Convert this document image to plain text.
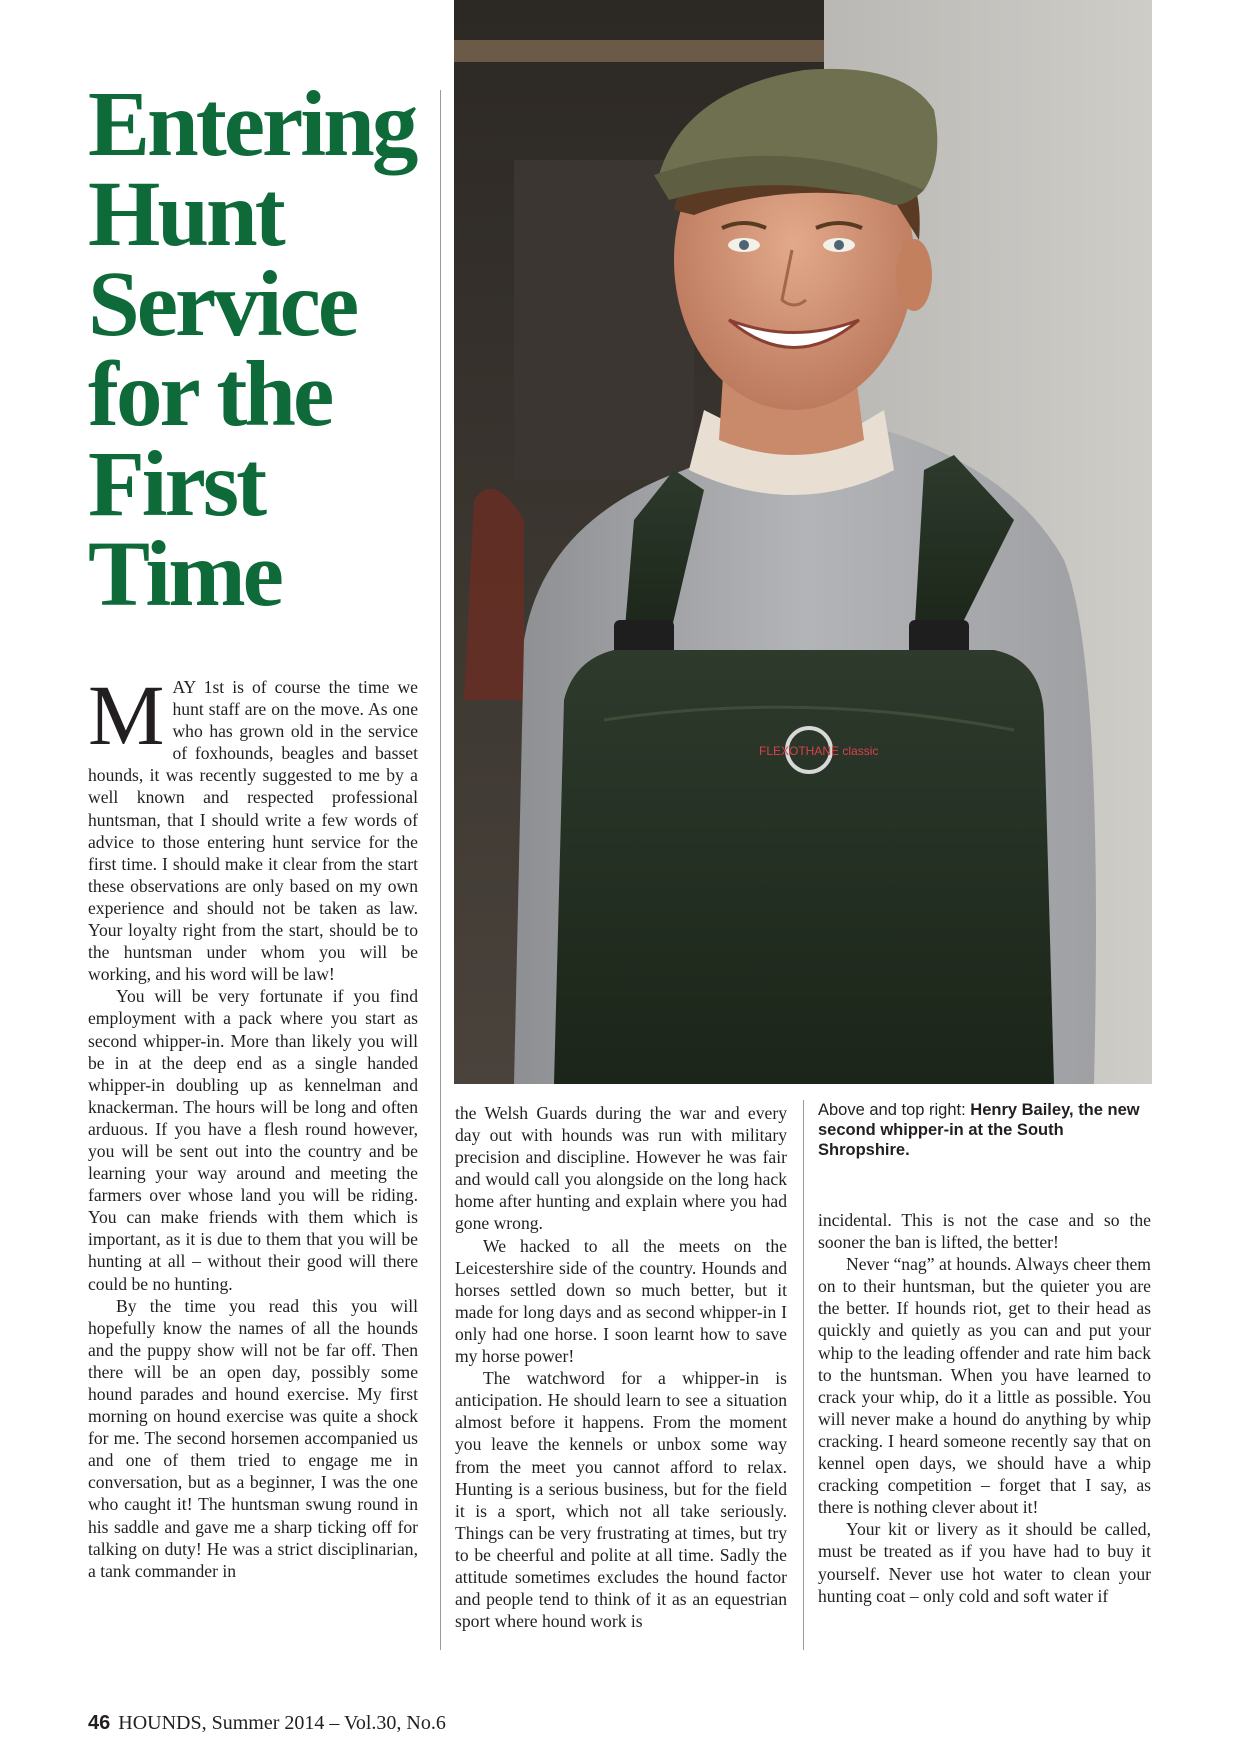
Entering
Hunt
Service
for the
First
Time
FLEXOTHANE classic

MAY 1st is of course the time we hunt staff are on the move. As one who has grown old in the service of foxhounds, beagles and basset hounds, it was recently suggested to me by a well known and respected professional huntsman, that I should write a few words of advice to those entering hunt service for the first time. I should make it clear from the start these observations are only based on my own experience and should not be taken as law. Your loyalty right from the start, should be to the huntsman under whom you will be working, and his word will be law!

You will be very fortunate if you find employment with a pack where you start as second whipper-in. More than likely you will be in at the deep end as a single handed whipper-in doubling up as kennelman and knackerman. The hours will be long and often arduous. If you have a flesh round however, you will be sent out into the country and be learning your way around and meeting the farmers over whose land you will be riding. You can make friends with them which is important, as it is due to them that you will be hunting at all – without their good will there could be no hunting.

By the time you read this you will hopefully know the names of all the hounds and the puppy show will not be far off. Then there will be an open day, possibly some hound parades and hound exercise. My first morning on hound exercise was quite a shock for me. The second horsemen accompanied us and one of them tried to engage me in conversation, but as a beginner, I was the one who caught it! The huntsman swung round in his saddle and gave me a sharp ticking off for talking on duty! He was a strict disciplinarian, a tank commander in

the Welsh Guards during the war and every day out with hounds was run with military precision and discipline. However he was fair and would call you alongside on the long hack home after hunting and explain where you had gone wrong.

We hacked to all the meets on the Leicestershire side of the country. Hounds and horses settled down so much better, but it made for long days and as second whipper-in I only had one horse. I soon learnt how to save my horse power!

The watchword for a whipper-in is anticipation. He should learn to see a situation almost before it happens. From the moment you leave the kennels or unbox some way from the meet you cannot afford to relax. Hunting is a serious business, but for the field it is a sport, which not all take seriously. Things can be very frustrating at times, but try to be cheerful and polite at all time. Sadly the attitude sometimes excludes the hound factor and people tend to think of it as an equestrian sport where hound work is

Above and top right: Henry Bailey, the new second whipper-in at the South Shropshire.

incidental. This is not the case and so the sooner the ban is lifted, the better!

Never “nag” at hounds. Always cheer them on to their huntsman, but the quieter you are the better. If hounds riot, get to their head as quickly and quietly as you can and put your whip to the leading offender and rate him back to the huntsman. When you have learned to crack your whip, do it a little as possible. You will never make a hound do anything by whip cracking. I heard someone recently say that on kennel open days, we should have a whip cracking competition – forget that I say, as there is nothing clever about it!

Your kit or livery as it should be called, must be treated as if you have had to buy it yourself. Never use hot water to clean your hunting coat – only cold and soft water if

46 HOUNDS, Summer 2014 – Vol.30, No.6
